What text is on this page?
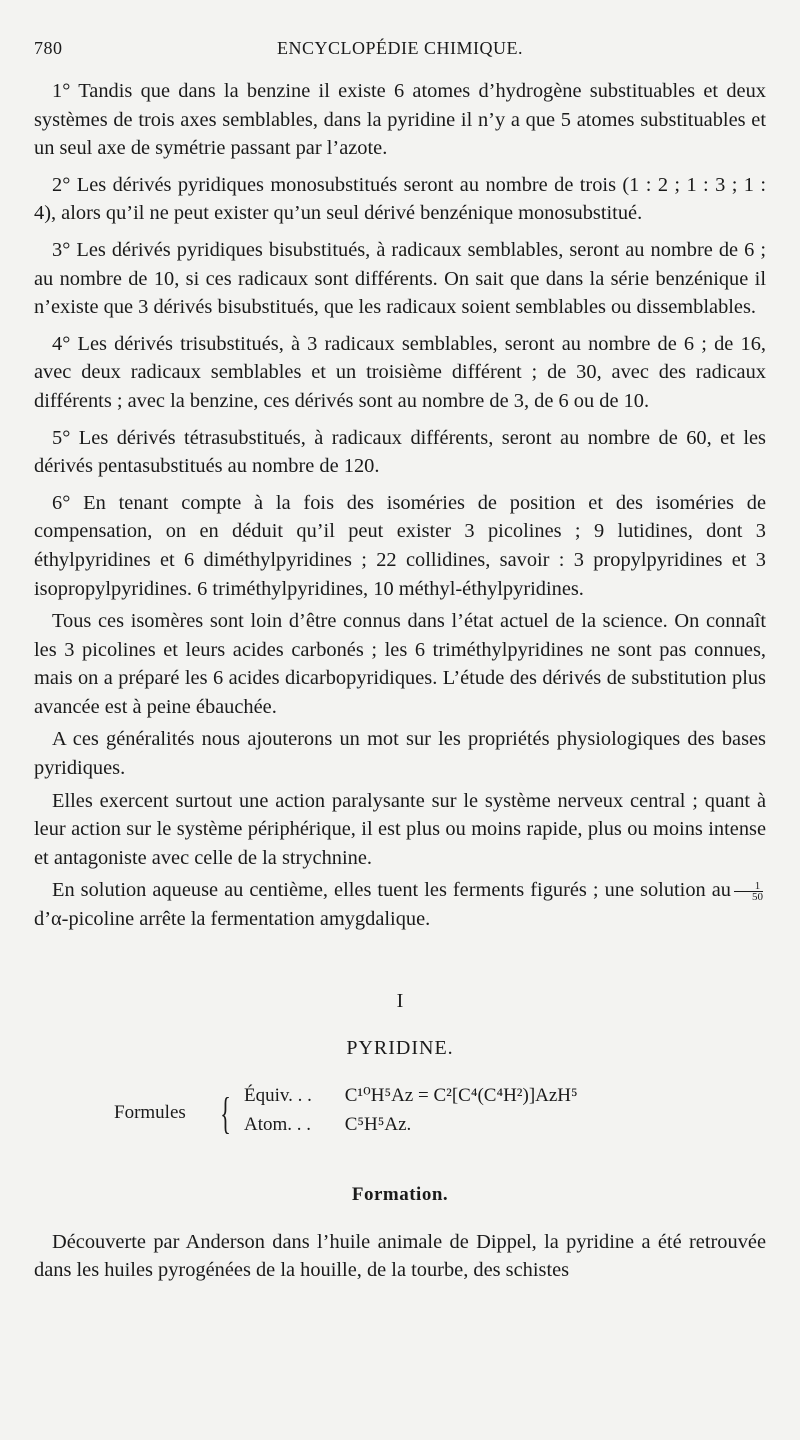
780	ENCYCLOPÉDIE CHIMIQUE.

1° Tandis que dans la benzine il existe 6 atomes d’hydrogène substituables et deux systèmes de trois axes semblables, dans la pyridine il n’y a que 5 atomes substituables et un seul axe de symétrie passant par l’azote.

2° Les dérivés pyridiques monosubstitués seront au nombre de trois (1 : 2 ; 1 : 3 ; 1 : 4), alors qu’il ne peut exister qu’un seul dérivé benzénique monosubstitué.

3° Les dérivés pyridiques bisubstitués, à radicaux semblables, seront au nombre de 6 ; au nombre de 10, si ces radicaux sont différents. On sait que dans la série benzénique il n’existe que 3 dérivés bisubstitués, que les radicaux soient semblables ou dissemblables.

4° Les dérivés trisubstitués, à 3 radicaux semblables, seront au nombre de 6 ; de 16, avec deux radicaux semblables et un troisième différent ; de 30, avec des radicaux différents ; avec la benzine, ces dérivés sont au nombre de 3, de 6 ou de 10.

5° Les dérivés tétrasubstitués, à radicaux différents, seront au nombre de 60, et les dérivés pentasubstitués au nombre de 120.

6° En tenant compte à la fois des isoméries de position et des isoméries de compensation, on en déduit qu’il peut exister 3 picolines ; 9 lutidines, dont 3 éthylpyridines et 6 diméthylpyridines ; 22 collidines, savoir : 3 propylpyridines et 3 isopropylpyridines. 6 triméthylpyridines, 10 méthyl-éthylpyridines.

Tous ces isomères sont loin d’être connus dans l’état actuel de la science. On connaît les 3 picolines et leurs acides carbonés ; les 6 triméthylpyridines ne sont pas connues, mais on a préparé les 6 acides dicarbopyridiques. L’étude des dérivés de substitution plus avancée est à peine ébauchée.

A ces généralités nous ajouterons un mot sur les propriétés physiologiques des bases pyridiques.

Elles exercent surtout une action paralysante sur le système nerveux central ; quant à leur action sur le système périphérique, il est plus ou moins rapide, plus ou moins intense et antagoniste avec celle de la strychnine.

En solution aqueuse au centième, elles tuent les ferments figurés ; une solution au $\frac{1}{50}$
d’α-picoline arrête la fermentation amygdalique.

I
PYRIDINE.
Formules { Équiv. . . C¹⁰H⁵Az = C²[C⁴(C⁴H²)]AzH⁵
Atom. . . C⁵H⁵Az.
Formation.

Découverte par Anderson dans l’huile animale de Dippel, la pyridine a été retrouvée dans les huiles pyrogénées de la houille, de la tourbe, des schistes
